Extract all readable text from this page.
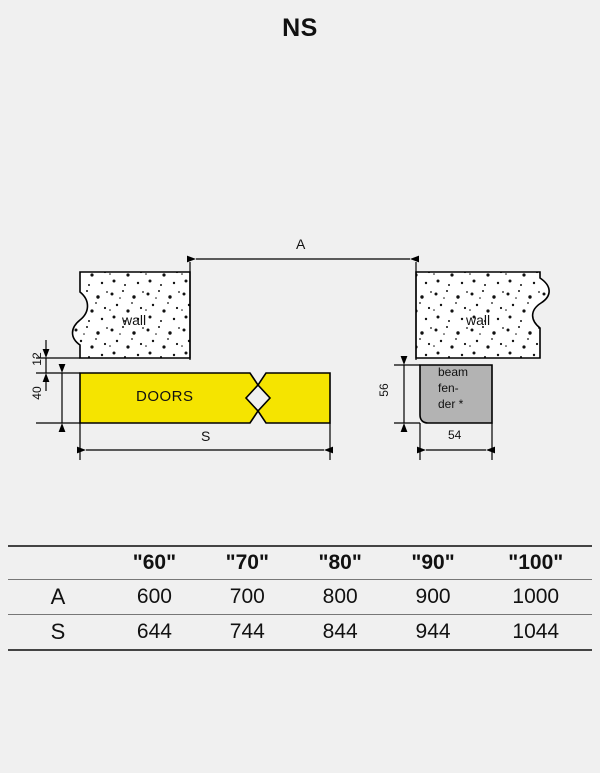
NS
A
S
wall	wall
DOORS
beam
fen-
der *
12
40	56
54
	"60"	"70"	"80"	"90"	"100"
A	600	700	800	900	1000
S	644	744	844	944	1044
